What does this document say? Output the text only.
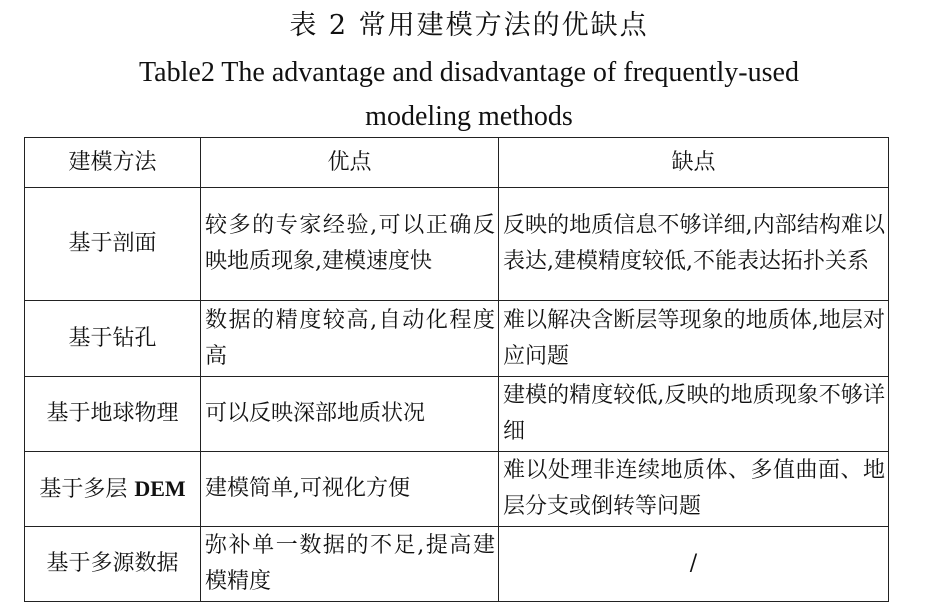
表 2 常用建模方法的优缺点
Table2 The advantage and disadvantage of frequently-used
modeling methods
建模方法	优点	缺点
基于剖面	较多的专家经验,可以正确反映地质现象,建模速度快	反映的地质信息不够详细,内部结构难以表达,建模精度较低,不能表达拓扑关系
基于钻孔	数据的精度较高,自动化程度高	难以解决含断层等现象的地质体,地层对应问题
基于地球物理	可以反映深部地质状况	建模的精度较低,反映的地质现象不够详细
基于多层 DEM	建模简单,可视化方便	难以处理非连续地质体、多值曲面、地层分支或倒转等问题
基于多源数据	弥补单一数据的不足,提高建模精度	/
